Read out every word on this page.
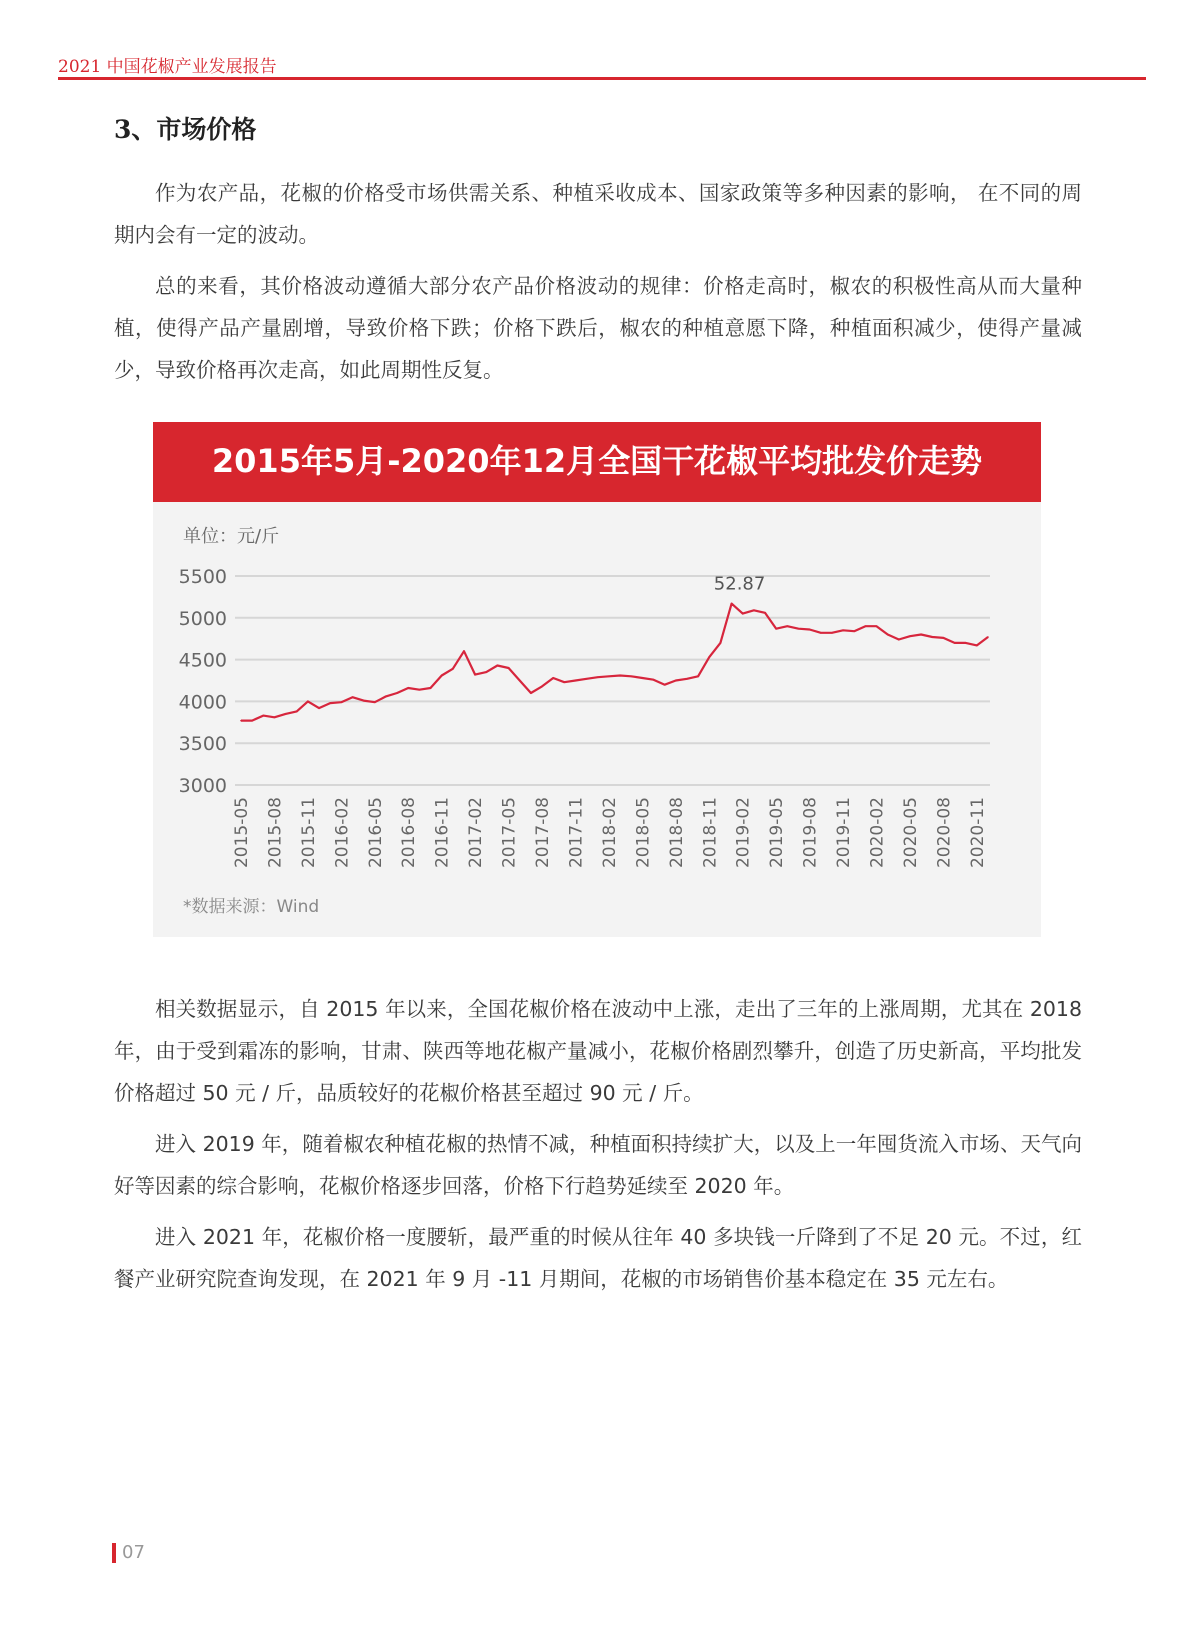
2021 中国花椒产业发展报告
3、市场价格

作为农产品，花椒的价格受市场供需关系、种植采收成本、国家政策等多种因素的影响， 在不同的周期内会有一定的波动。

总的来看，其价格波动遵循大部分农产品价格波动的规律：价格走高时，椒农的积极性高从而大量种植，使得产品产量剧增，导致价格下跌；价格下跌后，椒农的种植意愿下降，种植面积减少，使得产量减少，导致价格再次走高，如此周期性反复。

2015年5月-2020年12月全国干花椒平均批发价走势
单位：元/斤
3000
3500
4000
4500
5000
5500
2015-05 2015-08 2015-11 2016-02 2016-05 2016-08 2016-11 2017-02 2017-05 2017-08 2017-11 2018-02 2018-05 2018-08 2018-11 2019-02 2019-05 2019-08 2019-11 2020-02 2020-05 2020-08 2020-11
52.87
*数据来源：Wind

相关数据显示，自 2015 年以来，全国花椒价格在波动中上涨，走出了三年的上涨周期，尤其在 2018 年，由于受到霜冻的影响，甘肃、陕西等地花椒产量减小，花椒价格剧烈攀升，创造了历史新高，平均批发价格超过 50 元 / 斤，品质较好的花椒价格甚至超过 90 元 / 斤。

进入 2019 年，随着椒农种植花椒的热情不减，种植面积持续扩大，以及上一年囤货流入市场、天气向好等因素的综合影响，花椒价格逐步回落，价格下行趋势延续至 2020 年。

进入 2021 年，花椒价格一度腰斩，最严重的时候从往年 40 多块钱一斤降到了不足 20 元。不过，红餐产业研究院查询发现，在 2021 年 9 月 -11 月期间，花椒的市场销售价基本稳定在 35 元左右。

07
